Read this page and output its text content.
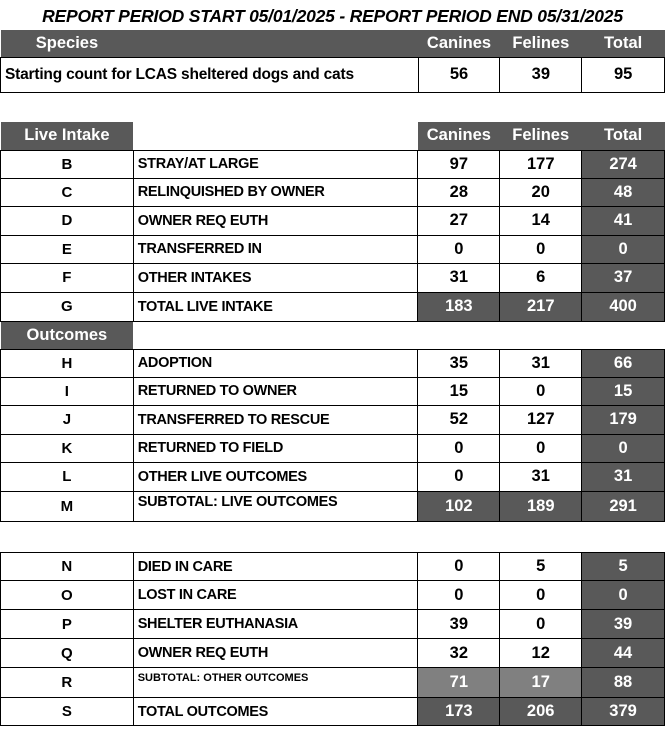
REPORT PERIOD START 05/01/2025 - REPORT PERIOD END 05/31/2025
Species		Canines	Felines	Total
Starting count for LCAS sheltered dogs and cats		56	39	95
Live Intake		Canines	Felines	Total
B	STRAY/AT LARGE	97	177	274
C	RELINQUISHED BY OWNER	28	20	48
D	OWNER REQ EUTH	27	14	41
E	TRANSFERRED IN	0	0	0
F	OTHER INTAKES	31	6	37
G	TOTAL LIVE INTAKE	183	217	400
Outcomes				
H	ADOPTION	35	31	66
I	RETURNED TO OWNER	15	0	15
J	TRANSFERRED TO RESCUE	52	127	179
K	RETURNED TO FIELD	0	0	0
L	OTHER LIVE OUTCOMES	0	31	31
M	SUBTOTAL: LIVE OUTCOMES	102	189	291
N	DIED IN CARE	0	5	5
O	LOST IN CARE	0	0	0
P	SHELTER EUTHANASIA	39	0	39
Q	OWNER REQ EUTH	32	12	44
R	SUBTOTAL: OTHER OUTCOMES	71	17	88
S	TOTAL OUTCOMES	173	206	379
